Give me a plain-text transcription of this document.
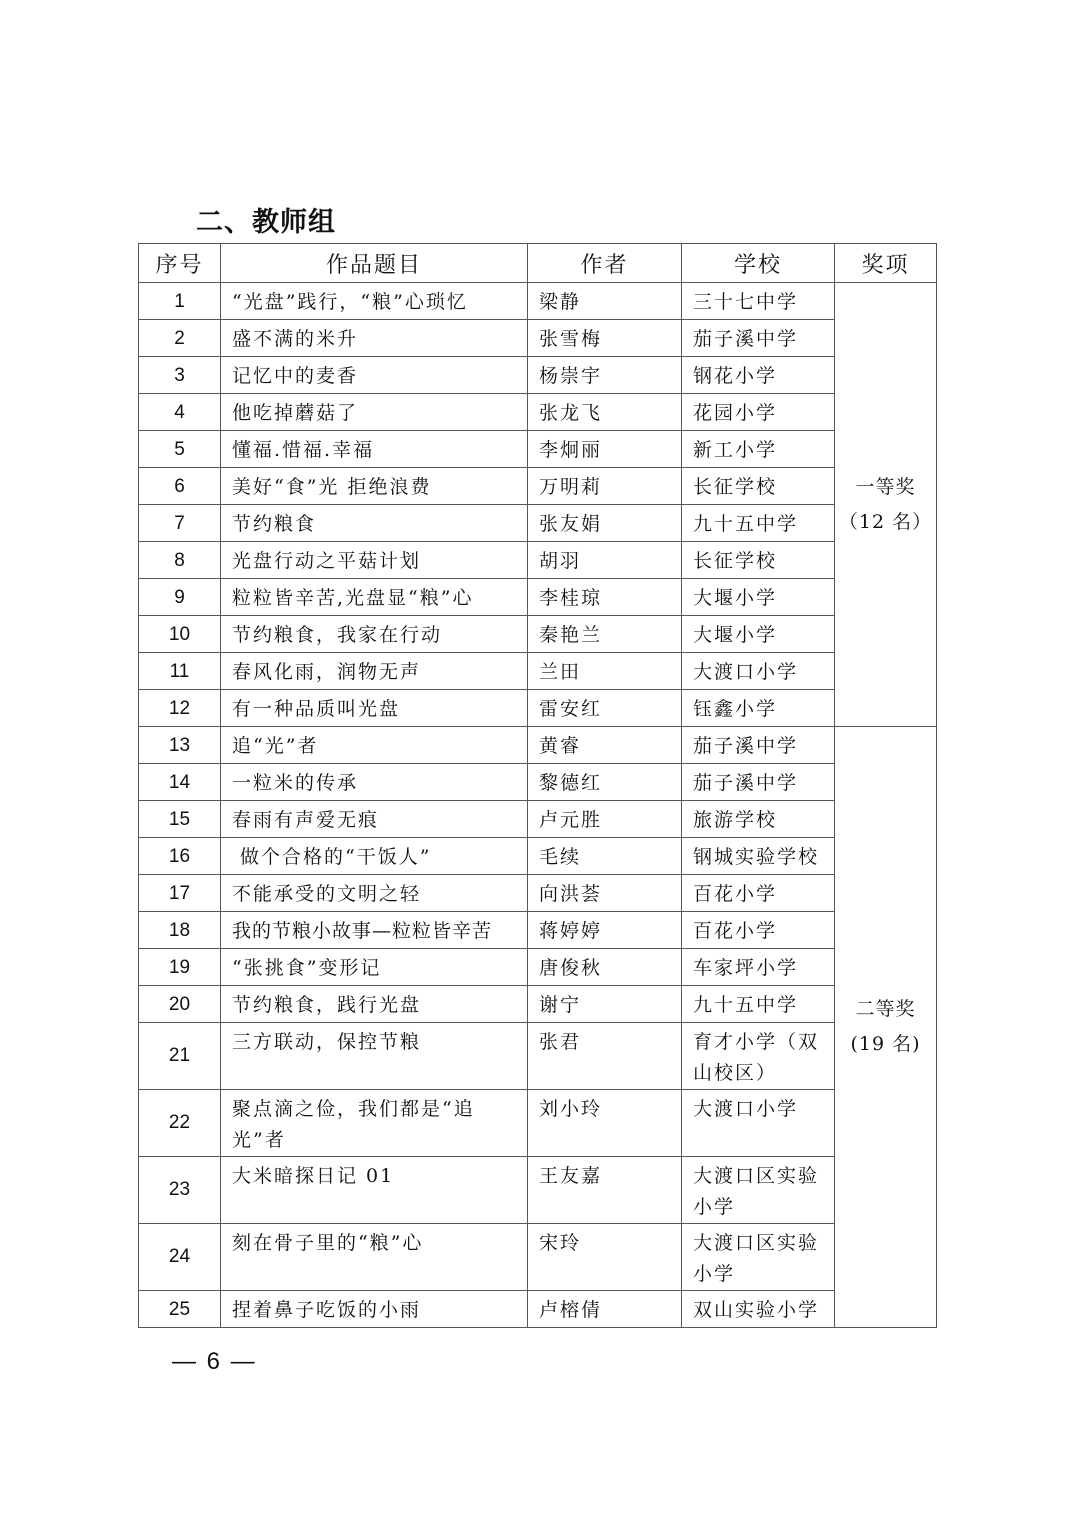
二、教师组
序号	作品题目	作者	学校	奖项
1	“光盘”践行，“粮”心琐忆	梁静	三十七中学	一等奖
（12 名）

2	盛不满的米升	张雪梅	茄子溪中学	
3	记忆中的麦香	杨崇宇	钢花小学	
4	他吃掉蘑菇了	张龙飞	花园小学	
5	懂福.惜福.幸福	李炯丽	新工小学	
6	美好“食”光 拒绝浪费	万明莉	长征学校	
7	节约粮食	张友娟	九十五中学	
8	光盘行动之平菇计划	胡羽	长征学校	
9	粒粒皆辛苦,光盘显“粮”心	李桂琼	大堰小学	
10	节约粮食，我家在行动	秦艳兰	大堰小学	
11	春风化雨，润物无声	兰田	大渡口小学	
12	有一种品质叫光盘	雷安红	钰鑫小学	
13	追“光”者	黄睿	茄子溪中学	二等奖
(19 名)

14	一粒米的传承	黎德红	茄子溪中学	
15	春雨有声爱无痕	卢元胜	旅游学校	
16	做个合格的“干饭人”	毛续	钢城实验学校	
17	不能承受的文明之轻	向洪荟	百花小学	
18	我的节粮小故事—粒粒皆辛苦	蒋婷婷	百花小学	
19	“张挑食”变形记	唐俊秋	车家坪小学	
20	节约粮食，践行光盘	谢宁	九十五中学	
21	三方联动，保控节粮	张君	育才小学（双山校区）	
22	聚点滴之俭，我们都是“追光”者	刘小玲	大渡口小学	
23	大米暗探日记 01	王友嘉	大渡口区实验小学	
24	刻在骨子里的“粮”心	宋玲	大渡口区实验小学	
25	捏着鼻子吃饭的小雨	卢榕倩	双山实验小学	
— 6 —
